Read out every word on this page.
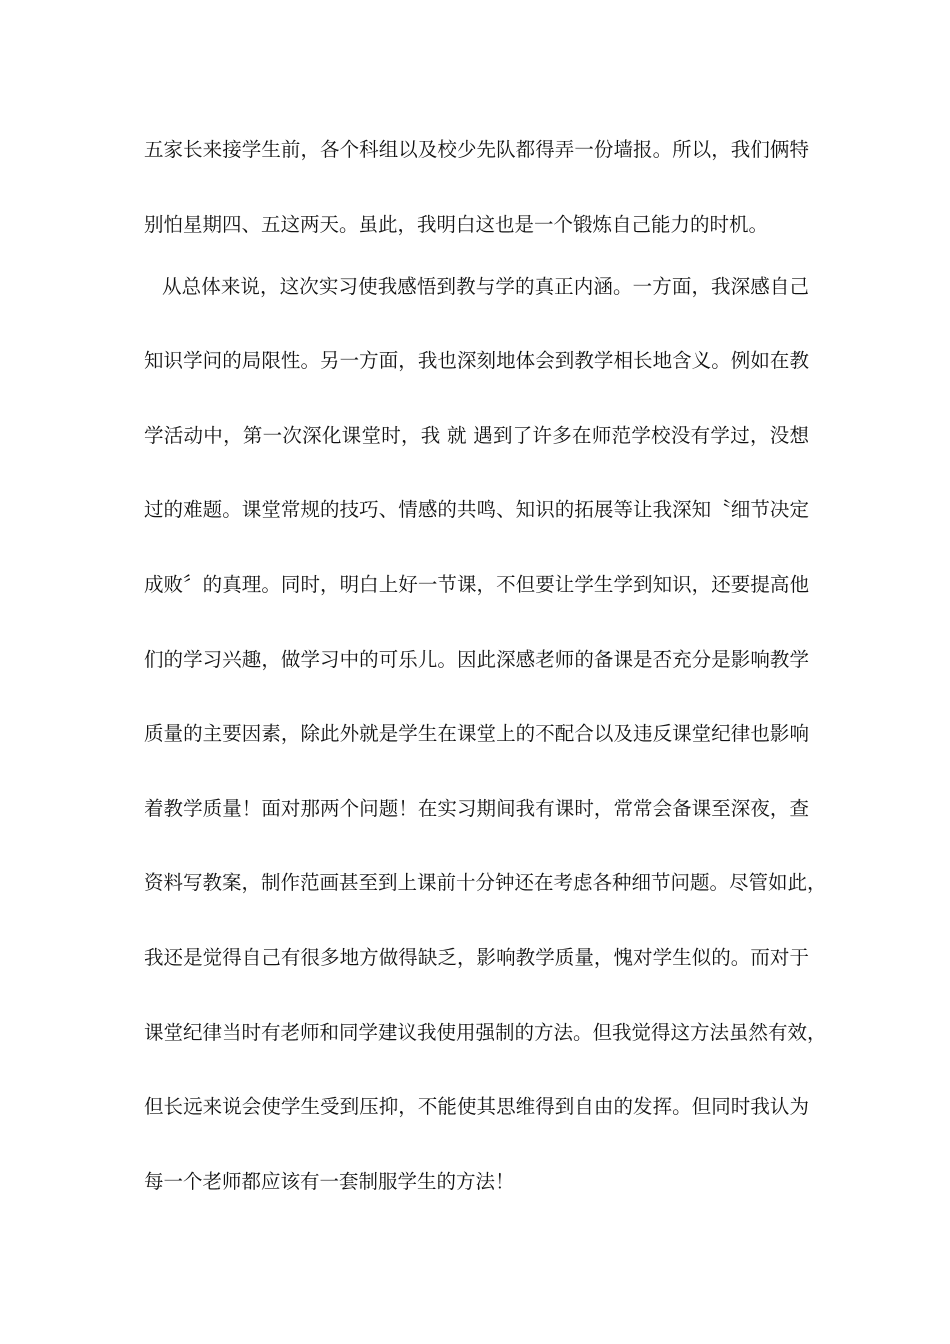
五家长来接学生前，各个科组以及校少先队都得弄一份墙报。所以，我们俩特
别怕星期四、五这两天。虽此，我明白这也是一个锻炼自己能力的时机。
从总体来说，这次实习使我感悟到教与学的真正内涵。一方面，我深感自己
知识学问的局限性。另一方面，我也深刻地体会到教学相长地含义。例如在教
学活动中，第一次深化课堂时，我 就 遇到了许多在师范学校没有学过，没想
过的难题。课堂常规的技巧、情感的共鸣、知识的拓展等让我深知〝细节决定
成败〞的真理。同时，明白上好一节课，不但要让学生学到知识，还要提高他
们的学习兴趣，做学习中的可乐儿。因此深感老师的备课是否充分是影响教学
质量的主要因素，除此外就是学生在课堂上的不配合以及违反课堂纪律也影响
着教学质量！面对那两个问题！在实习期间我有课时，常常会备课至深夜，查
资料写教案，制作范画甚至到上课前十分钟还在考虑各种细节问题。尽管如此，
我还是觉得自己有很多地方做得缺乏，影响教学质量，愧对学生似的。而对于
课堂纪律当时有老师和同学建议我使用强制的方法。但我觉得这方法虽然有效，
但长远来说会使学生受到压抑，不能使其思维得到自由的发挥。但同时我认为
每一个老师都应该有一套制服学生的方法！
